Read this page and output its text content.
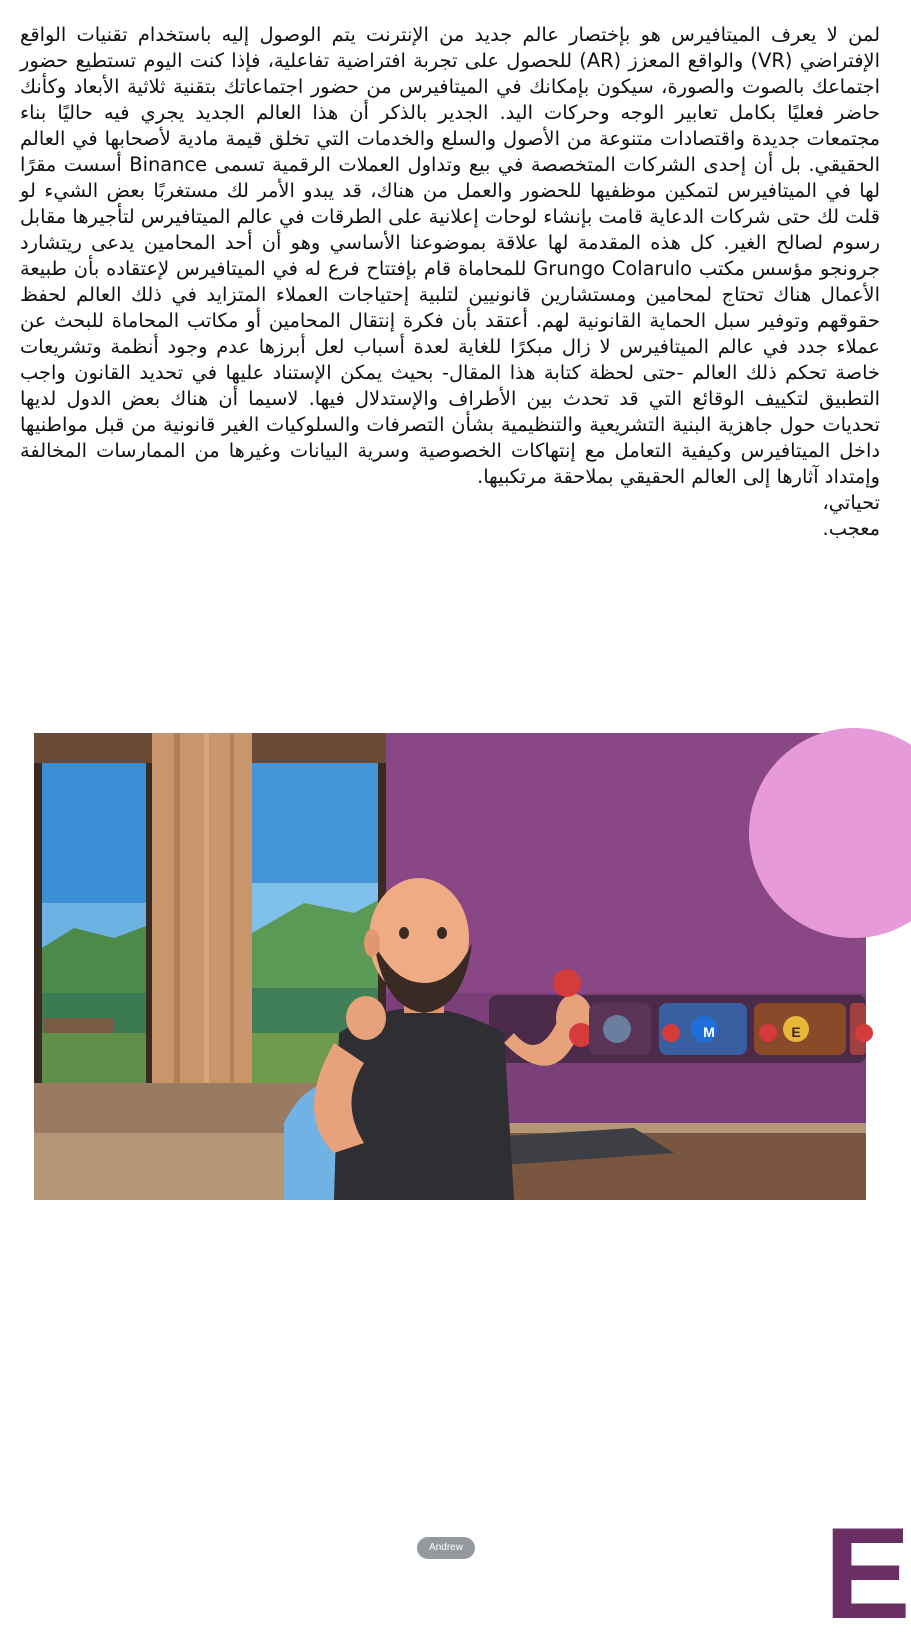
لمن لا يعرف الميتافيرس هو بإختصار عالم جديد من الإنترنت يتم الوصول إليه باستخدام تقنيات الواقع الإفتراضي (VR) والواقع المعزز (AR) للحصول على تجربة افتراضية تفاعلية، فإذا كنت اليوم تستطيع حضور اجتماعك بالصوت والصورة، سيكون بإمكانك في الميتافيرس من حضور اجتماعاتك بتقنية ثلاثية الأبعاد وكأنك حاضر فعليًا بكامل تعابير الوجه وحركات اليد. الجدير بالذكر أن هذا العالم الجديد يجري فيه حاليًا بناء مجتمعات جديدة واقتصادات متنوعة من الأصول والسلع والخدمات التي تخلق قيمة مادية لأصحابها في العالم الحقيقي. بل أن إحدى الشركات المتخصصة في بيع وتداول العملات الرقمية تسمى Binance أسست مقرًا لها في الميتافيرس لتمكين موظفيها للحضور والعمل من هناك، قد يبدو الأمر لك مستغربًا بعض الشيء لو قلت لك حتى شركات الدعاية قامت بإنشاء لوحات إعلانية على الطرقات في عالم الميتافيرس لتأجيرها مقابل رسوم لصالح الغير. كل هذه المقدمة لها علاقة بموضوعنا الأساسي وهو أن أحد المحامين يدعى ريتشارد جرونجو مؤسس مكتب Grungo Colarulo للمحاماة قام بإفتتاح فرع له في الميتافيرس لإعتقاده بأن طبيعة الأعمال هناك تحتاج لمحامين ومستشارين قانونيين لتلبية إحتياجات العملاء المتزايد في ذلك العالم لحفظ حقوقهم وتوفير سبل الحماية القانونية لهم. أعتقد بأن فكرة إنتقال المحامين أو مكاتب المحاماة للبحث عن عملاء جدد في عالم الميتافيرس لا زال مبكرًا للغاية لعدة أسباب لعل أبرزها عدم وجود أنظمة وتشريعات خاصة تحكم ذلك العالم -حتى لحظة كتابة هذا المقال- بحيث يمكن الإستناد عليها في تحديد القانون واجب التطبيق لتكييف الوقائع التي قد تحدث بين الأطراف والإستدلال فيها. لاسيما أن هناك بعض الدول لديها تحديات حول جاهزية البنية التشريعية والتنظيمية بشأن التصرفات والسلوكيات الغير قانونية من قبل مواطنيها داخل الميتافيرس وكيفية التعامل مع إنتهاكات الخصوصية وسرية البيانات وغيرها من الممارسات المخالفة وإمتداد آثارها إلى العالم الحقيقي بملاحقة مرتكبيها.

تحياتي،

معجب.

Andrew	E
M	E
